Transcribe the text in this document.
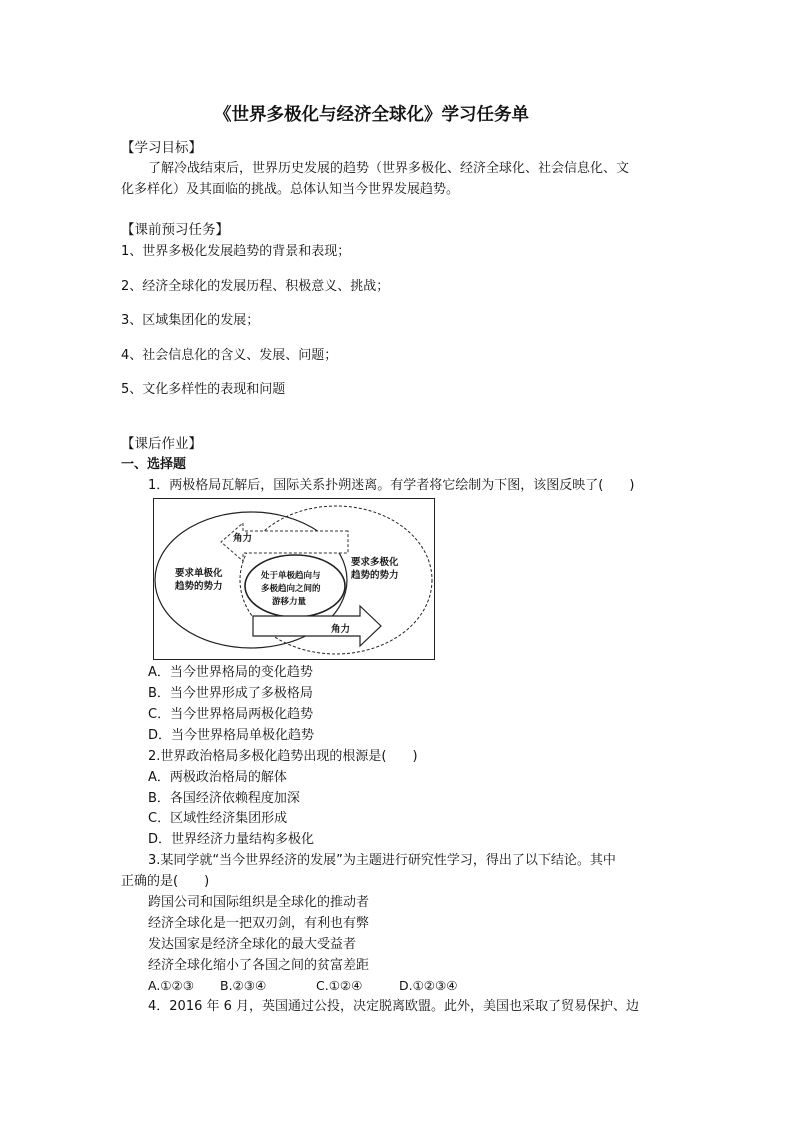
《世界多极化与经济全球化》学习任务单
【学习目标】
了解冷战结束后，世界历史发展的趋势（世界多极化、经济全球化、社会信息化、文
化多样化）及其面临的挑战。总体认知当今世界发展趋势。
【课前预习任务】
1、世界多极化发展趋势的背景和表现；
2、经济全球化的发展历程、积极意义、挑战；
3、区域集团化的发展；
4、社会信息化的含义、发展、问题；
5、文化多样性的表现和问题
【课后作业】
一、选择题
1．两极格局瓦解后，国际关系扑朔迷离。有学者将它绘制为下图，该图反映了(　　)
角力
要求单极化
趋势的势力
要求多极化
趋势的势力
处于单极趋向与
多极趋向之间的
游移力量
角力
A．当今世界格局的变化趋势
B．当今世界形成了多极格局
C．当今世界格局两极化趋势
D．当今世界格局单极化趋势
2.世界政治格局多极化趋势出现的根源是(　　)
A．两极政治格局的解体
B．各国经济依赖程度加深
C．区域性经济集团形成
D．世界经济力量结构多极化
3.某同学就“当今世界经济的发展”为主题进行研究性学习，得出了以下结论。其中
正确的是(　　)
跨国公司和国际组织是全球化的推动者
经济全球化是一把双刃剑，有利也有弊
发达国家是经济全球化的最大受益者
经济全球化缩小了各国之间的贫富差距
A.①②③ B.②③④	C.①②④	D.①②③④
4．2016 年 6 月，英国通过公投，决定脱离欧盟。此外，美国也采取了贸易保护、边
